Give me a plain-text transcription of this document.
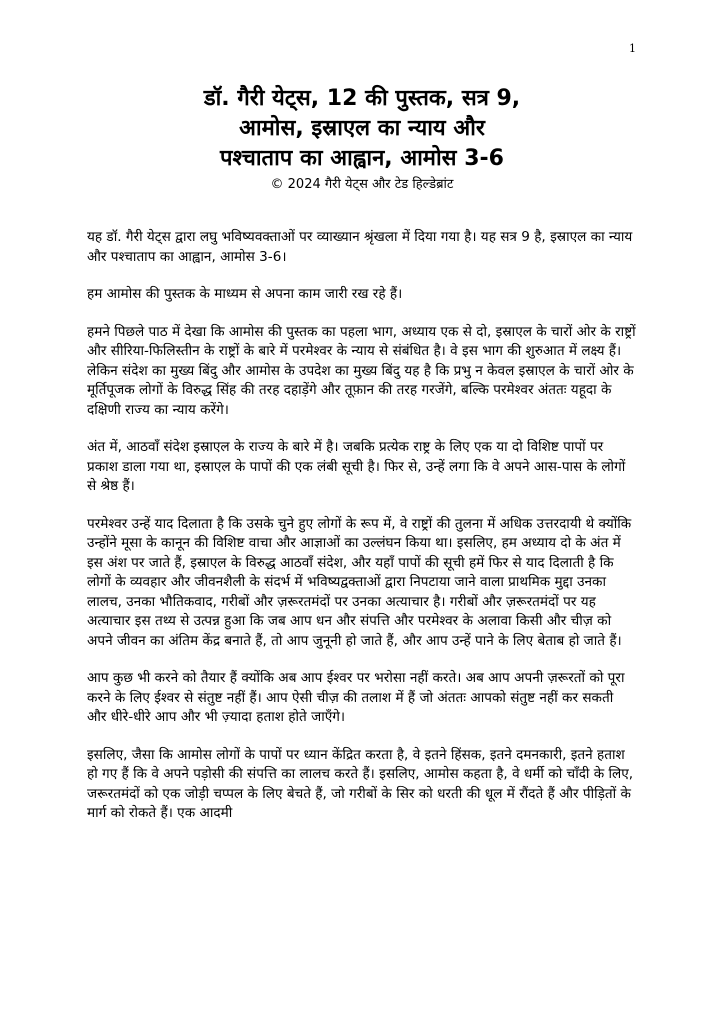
1
डॉ. गैरी येट्स, 12 की पुस्तक, सत्र 9,
आमोस, इस्राएल का न्याय और
पश्चाताप का आह्वान, आमोस 3-6
© 2024 गैरी येट्स और टेड हिल्डेब्रांट

यह डॉ. गैरी येट्स द्वारा लघु भविष्यवक्ताओं पर व्याख्यान श्रृंखला में दिया गया है। यह सत्र 9 है, इस्राएल का न्याय और पश्चाताप का आह्वान, आमोस 3-6।

हम आमोस की पुस्तक के माध्यम से अपना काम जारी रख रहे हैं।

हमने पिछले पाठ में देखा कि आमोस की पुस्तक का पहला भाग, अध्याय एक से दो, इस्राएल के चारों ओर के राष्ट्रों और सीरिया-फिलिस्तीन के राष्ट्रों के बारे में परमेश्वर के न्याय से संबंधित है। वे इस भाग की शुरुआत में लक्ष्य हैं। लेकिन संदेश का मुख्य बिंदु और आमोस के उपदेश का मुख्य बिंदु यह है कि प्रभु न केवल इस्राएल के चारों ओर के मूर्तिपूजक लोगों के विरुद्ध सिंह की तरह दहाड़ेंगे और तूफ़ान की तरह गरजेंगे, बल्कि परमेश्वर अंततः यहूदा के दक्षिणी राज्य का न्याय करेंगे।

अंत में, आठवाँ संदेश इस्राएल के राज्य के बारे में है। जबकि प्रत्येक राष्ट्र के लिए एक या दो विशिष्ट पापों पर प्रकाश डाला गया था, इस्राएल के पापों की एक लंबी सूची है। फिर से, उन्हें लगा कि वे अपने आस-पास के लोगों से श्रेष्ठ हैं।

परमेश्वर उन्हें याद दिलाता है कि उसके चुने हुए लोगों के रूप में, वे राष्ट्रों की तुलना में अधिक उत्तरदायी थे क्योंकि उन्होंने मूसा के कानून की विशिष्ट वाचा और आज्ञाओं का उल्लंघन किया था। इसलिए, हम अध्याय दो के अंत में इस अंश पर जाते हैं, इस्राएल के विरुद्ध आठवाँ संदेश, और यहाँ पापों की सूची हमें फिर से याद दिलाती है कि लोगों के व्यवहार और जीवनशैली के संदर्भ में भविष्यद्वक्ताओं द्वारा निपटाया जाने वाला प्राथमिक मुद्दा उनका लालच, उनका भौतिकवाद, गरीबों और ज़रूरतमंदों पर उनका अत्याचार है। गरीबों और ज़रूरतमंदों पर यह अत्याचार इस तथ्य से उत्पन्न हुआ कि जब आप धन और संपत्ति और परमेश्वर के अलावा किसी और चीज़ को अपने जीवन का अंतिम केंद्र बनाते हैं, तो आप जुनूनी हो जाते हैं, और आप उन्हें पाने के लिए बेताब हो जाते हैं।

आप कुछ भी करने को तैयार हैं क्योंकि अब आप ईश्वर पर भरोसा नहीं करते। अब आप अपनी ज़रूरतों को पूरा करने के लिए ईश्वर से संतुष्ट नहीं हैं। आप ऐसी चीज़ की तलाश में हैं जो अंततः आपको संतुष्ट नहीं कर सकती और धीरे-धीरे आप और भी ज़्यादा हताश होते जाएँगे।

इसलिए, जैसा कि आमोस लोगों के पापों पर ध्यान केंद्रित करता है, वे इतने हिंसक, इतने दमनकारी, इतने हताश हो गए हैं कि वे अपने पड़ोसी की संपत्ति का लालच करते हैं। इसलिए, आमोस कहता है, वे धर्मी को चाँदी के लिए, जरूरतमंदों को एक जोड़ी चप्पल के लिए बेचते हैं, जो गरीबों के सिर को धरती की धूल में रौंदते हैं और पीड़ितों के मार्ग को रोकते हैं। एक आदमी
